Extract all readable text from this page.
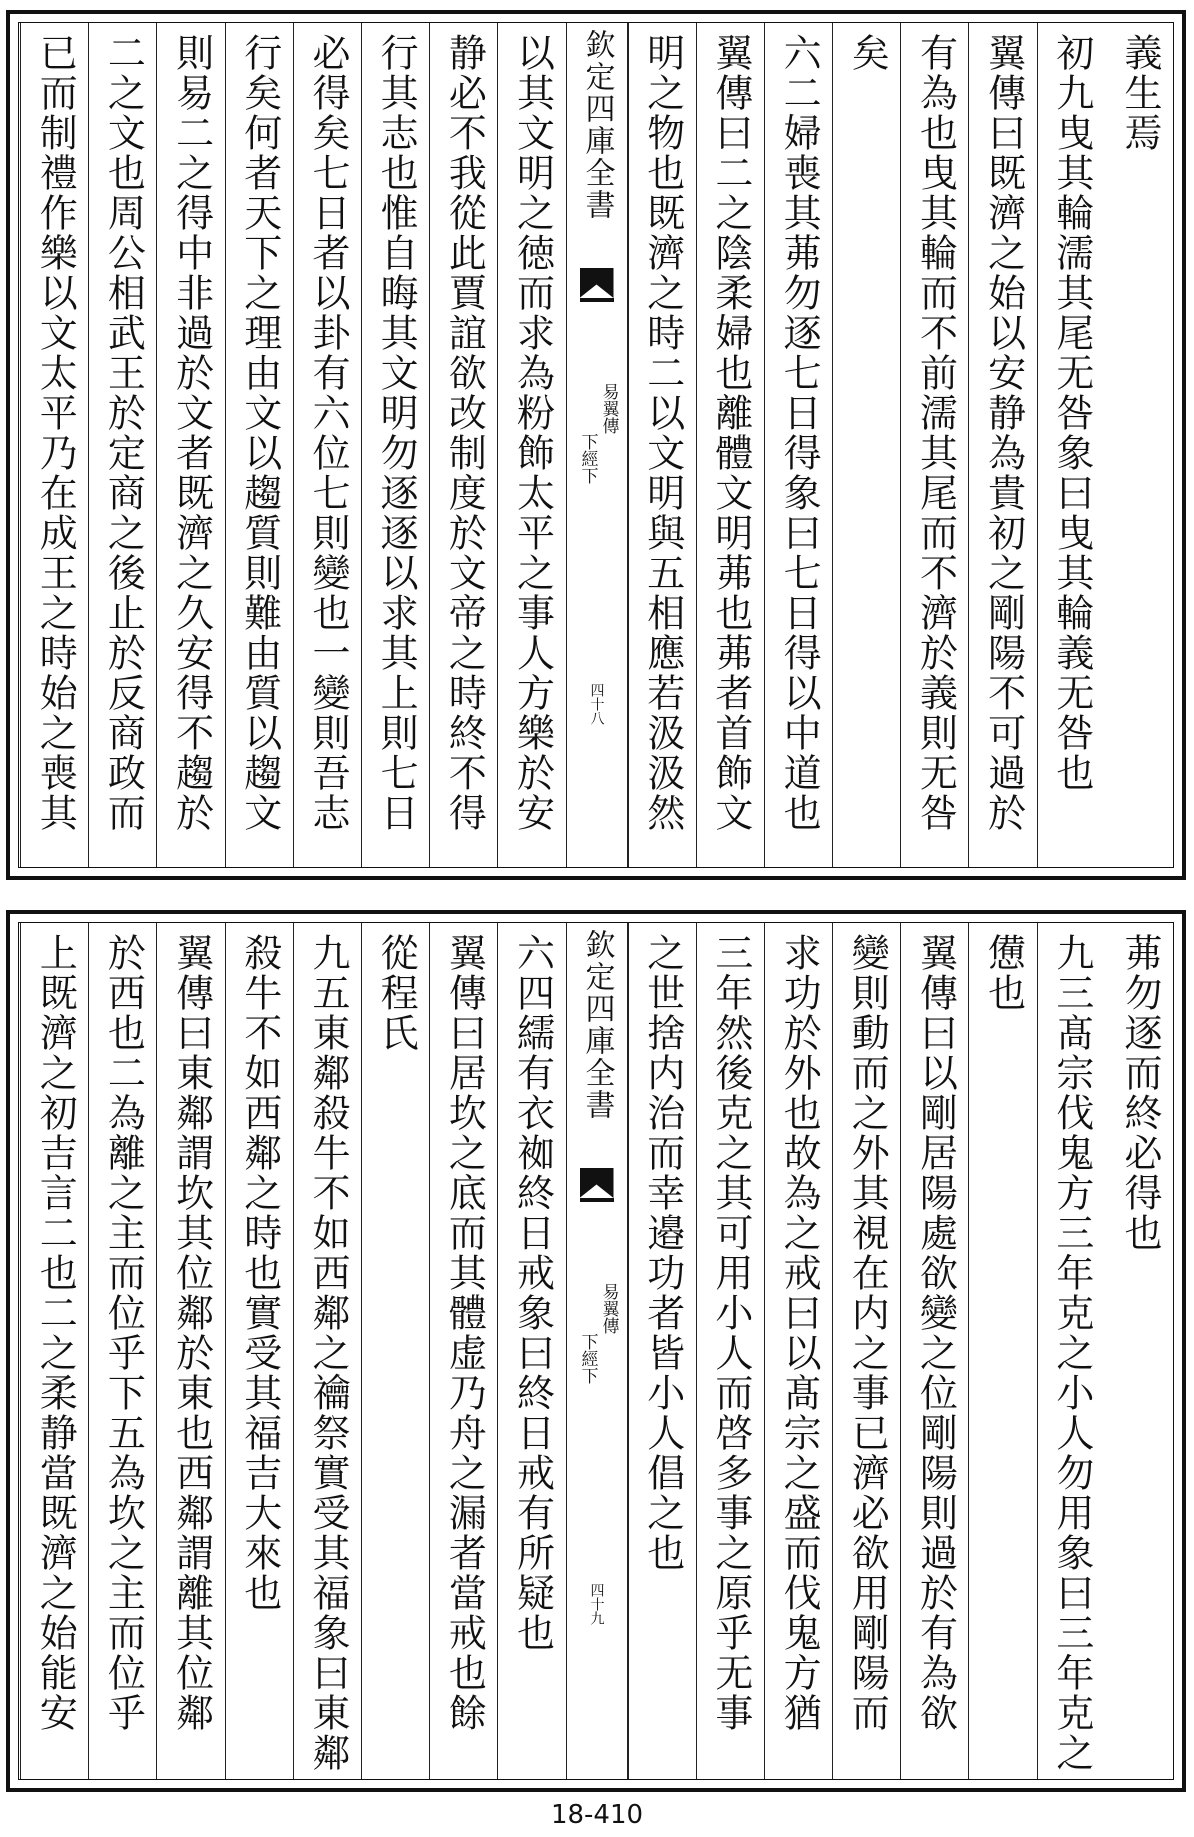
義生焉
初九曳其輪濡其尾无咎象曰曳其輪義无咎也
翼傳曰既濟之始以安静為貴初之剛陽不可過於
有為也曳其輪而不前濡其尾而不濟於義則无咎
矣
六二婦喪其茀勿逐七日得象曰七日得以中道也
翼傳曰二之陰柔婦也離體文明茀也茀者首飾文
明之物也既濟之時二以文明與五相應若汲汲然
以其文明之徳而求為粉飾太平之事人方樂於安
静必不我從此賈誼欲改制度於文帝之時終不得
行其志也惟自晦其文明勿逐逐以求其上則七日
必得矣七日者以卦有六位七則變也一變則吾志
行矣何者天下之理由文以趨質則難由質以趨文
則易二之得中非過於文者既濟之久安得不趨於
二之文也周公相武王於定商之後止於反商政而
已而制禮作樂以文太平乃在成王之時始之喪其	欽定四庫全書
易翼傳
下經下
四十八
茀勿逐而終必得也
九三髙宗伐鬼方三年克之小人勿用象曰三年克之
憊也
翼傳曰以剛居陽處欲變之位剛陽則過於有為欲
變則動而之外其視在内之事已濟必欲用剛陽而
求功於外也故為之戒曰以髙宗之盛而伐鬼方猶
三年然後克之其可用小人而啓多事之原乎无事
之世捨内治而幸邉功者皆小人倡之也
六四繻有衣袽終日戒象曰終日戒有所疑也
翼傳曰居坎之底而其體虚乃舟之漏者當戒也餘
從程氏
九五東鄰殺牛不如西鄰之禴祭實受其福象曰東鄰
殺牛不如西鄰之時也實受其福吉大來也
翼傳曰東鄰謂坎其位鄰於東也西鄰謂離其位鄰
於西也二為離之主而位乎下五為坎之主而位乎
上既濟之初吉言二也二之柔静當既濟之始能安	欽定四庫全書
易翼傳
下經下
四十九
18-410
